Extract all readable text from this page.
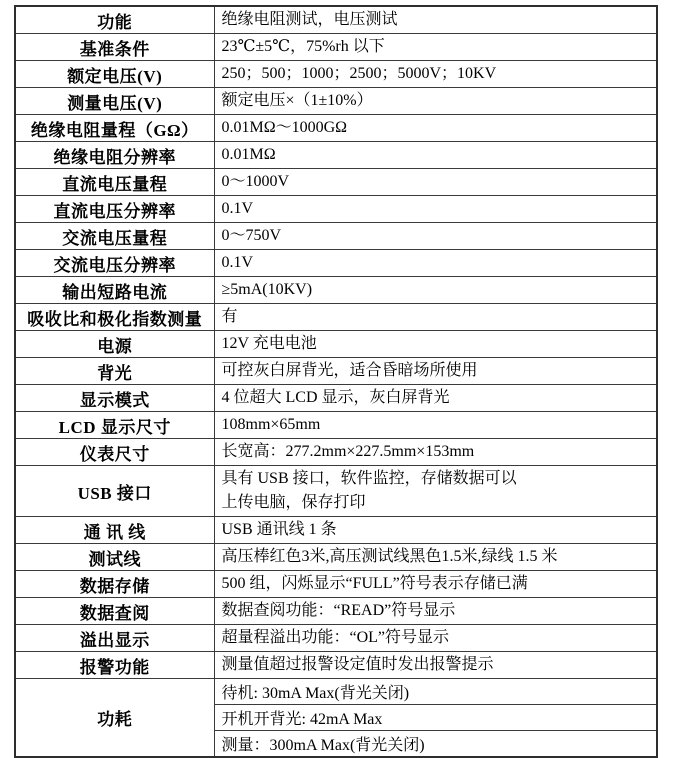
功能	绝缘电阻测试，电压测试

基准条件	23℃±5℃，75%rh 以下

额定电压(V)	250；500；1000；2500；5000V；10KV

测量电压(V)	额定电压×（1±10%）

绝缘电阻量程（GΩ）	0.01MΩ～1000GΩ

绝缘电阻分辨率	0.01MΩ

直流电压量程	0～1000V

直流电压分辨率	0.1V

交流电压量程	0～750V

交流电压分辨率	0.1V

输出短路电流	≥5mA(10KV)

吸收比和极化指数测量	有

电源	12V 充电电池

背光	可控灰白屏背光，适合昏暗场所使用

显示模式	4 位超大 LCD 显示，灰白屏背光

LCD 显示尺寸	108mm×65mm

仪表尺寸	长宽高：277.2mm×227.5mm×153mm

USB 接口	具有 USB 接口，软件监控，存储数据可以
上传电脑，保存打印

通 讯 线	USB 通讯线 1 条

测试线	高压棒红色3米,高压测试线黑色1.5米,绿线 1.5 米

数据存储	500 组，闪烁显示“FULL”符号表示存储已满

数据查阅	数据查阅功能：“READ”符号显示

溢出显示	超量程溢出功能：“OL”符号显示

报警功能	测量值超过报警设定值时发出报警提示

功耗	待机: 30mA Max(背光关闭)
	开机开背光: 42mA Max
	测量：300mA Max(背光关闭)
